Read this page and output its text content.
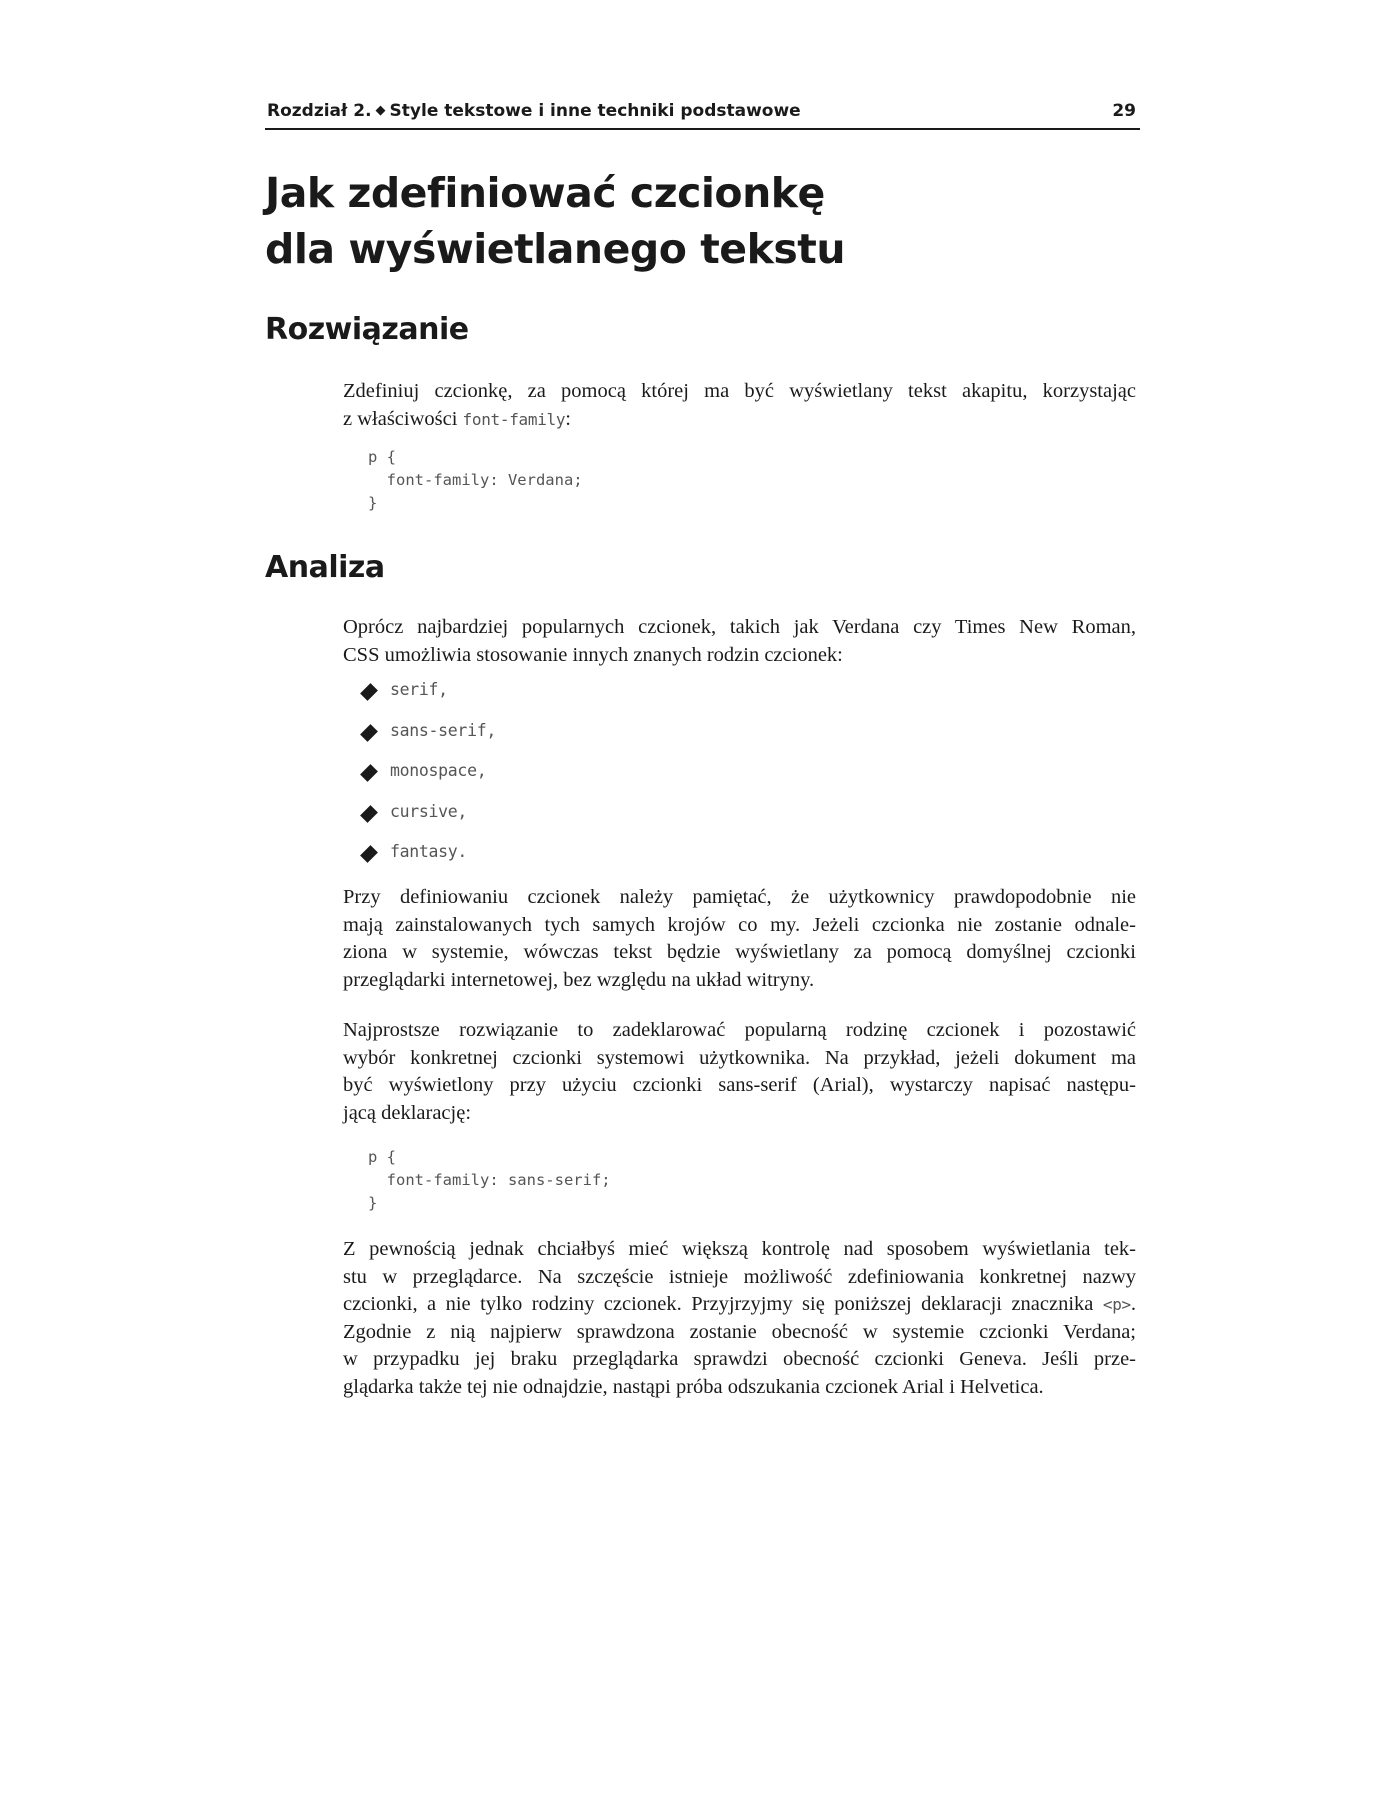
Rozdział 2. ◆ Style tekstowe i inne techniki podstawowe	29
Jak zdefiniować czcionkę
dla wyświetlanego tekstu
Rozwiązanie

Zdefiniuj czcionkę, za pomocą której ma być wyświetlany tekst akapitu, korzystając
z właściwości font-family:

p {
font-family: Verdana;
}
Analiza

Oprócz najbardziej popularnych czcionek, takich jak Verdana czy Times New Roman,
CSS umożliwia stosowanie innych znanych rodzin czcionek:

serif,
sans-serif,
monospace,
cursive,
fantasy.

Przy definiowaniu czcionek należy pamiętać, że użytkownicy prawdopodobnie nie
mają zainstalowanych tych samych krojów co my. Jeżeli czcionka nie zostanie odnale-
ziona w systemie, wówczas tekst będzie wyświetlany za pomocą domyślnej czcionki
przeglądarki internetowej, bez względu na układ witryny.

Najprostsze rozwiązanie to zadeklarować popularną rodzinę czcionek i pozostawić
wybór konkretnej czcionki systemowi użytkownika. Na przykład, jeżeli dokument ma
być wyświetlony przy użyciu czcionki sans-serif (Arial), wystarczy napisać następu-
jącą deklarację:

p {
font-family: sans-serif;
}

Z pewnością jednak chciałbyś mieć większą kontrolę nad sposobem wyświetlania tek-
stu w przeglądarce. Na szczęście istnieje możliwość zdefiniowania konkretnej nazwy
czcionki, a nie tylko rodziny czcionek. Przyjrzyjmy się poniższej deklaracji znacznika <p>.
Zgodnie z nią najpierw sprawdzona zostanie obecność w systemie czcionki Verdana;
w przypadku jej braku przeglądarka sprawdzi obecność czcionki Geneva. Jeśli prze-
glądarka także tej nie odnajdzie, nastąpi próba odszukania czcionek Arial i Helvetica.
